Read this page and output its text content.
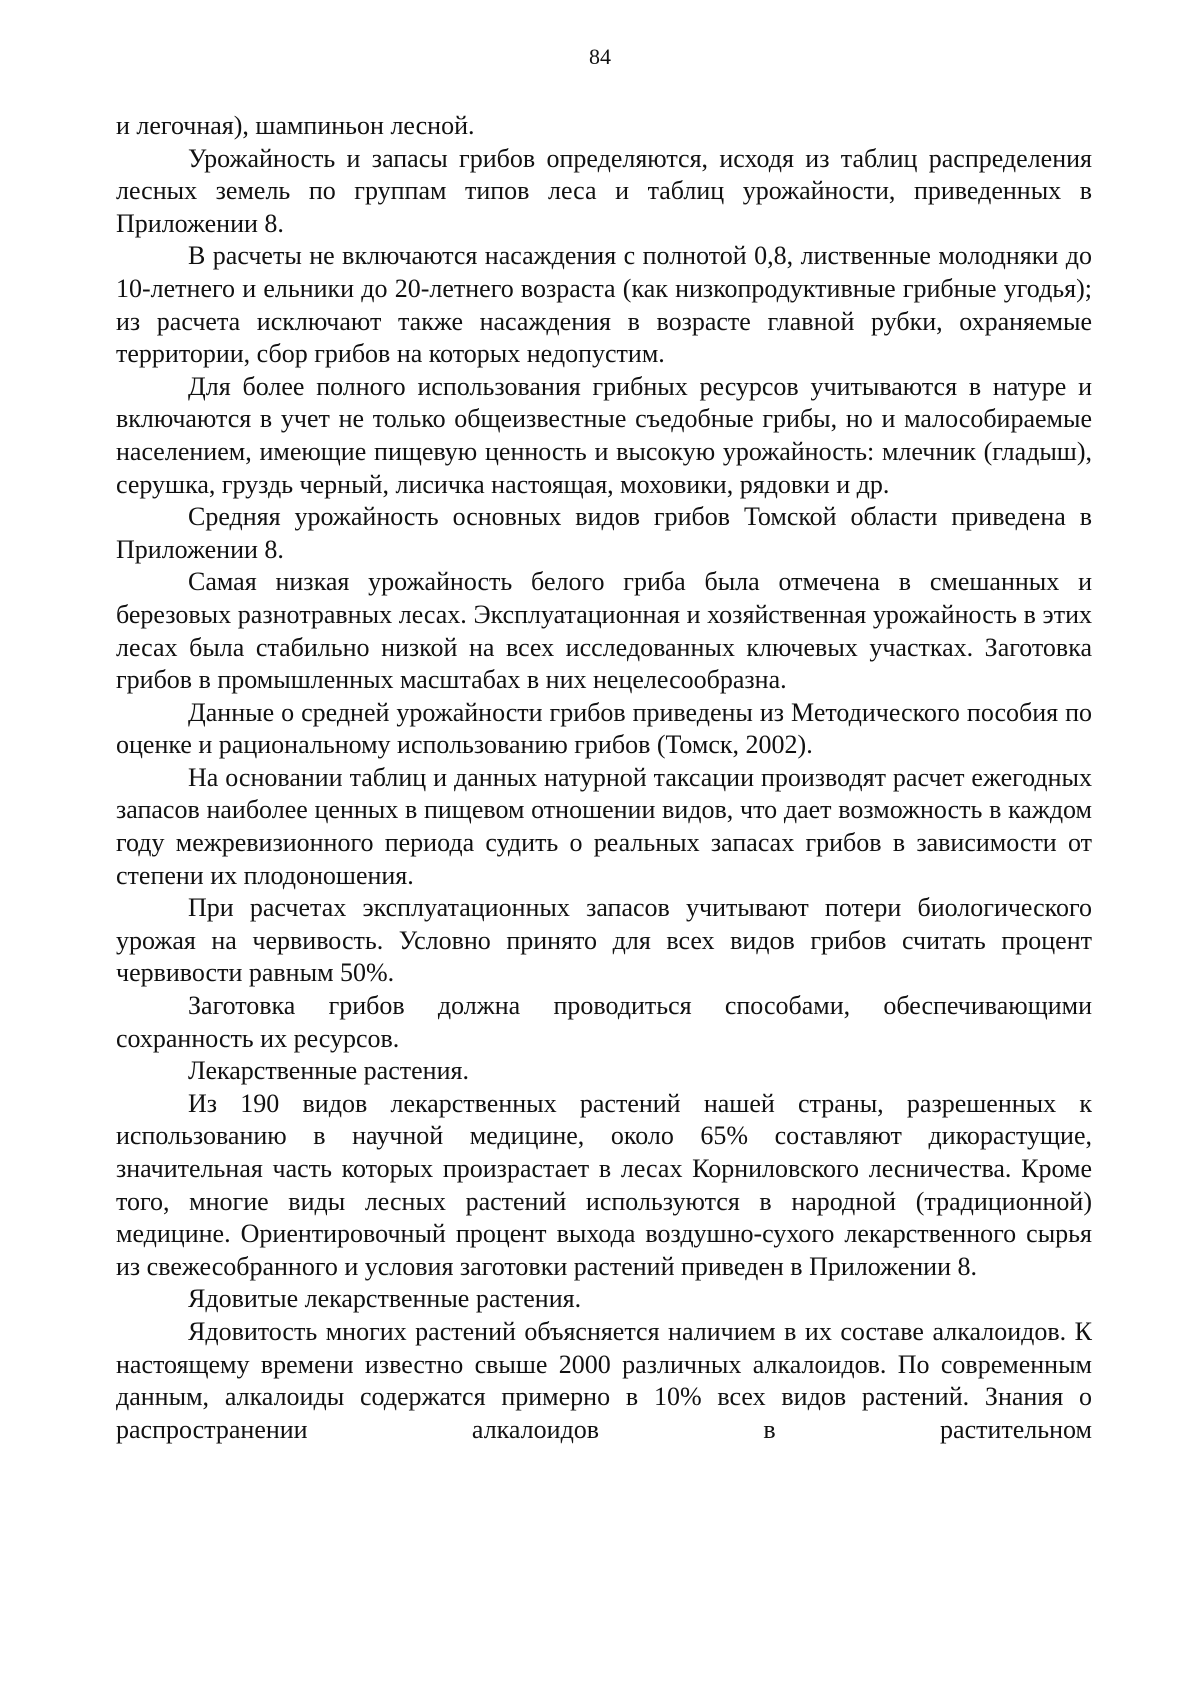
84

и легочная), шампиньон лесной.

Урожайность и запасы грибов определяются, исходя из таблиц распределения лесных земель по группам типов леса и таблиц урожайности, приведенных в Приложении 8.

В расчеты не включаются насаждения с полнотой 0,8, лиственные молодняки до 10-летнего и ельники до 20-летнего возраста (как низкопродуктивные грибные угодья); из расчета исключают также насаждения в возрасте главной рубки, охраняемые территории, сбор грибов на которых недопустим.

Для более полного использования грибных ресурсов учитываются в натуре и включаются в учет не только общеизвестные съедобные грибы, но и малособираемые населением, имеющие пищевую ценность и высокую урожайность: млечник (гладыш), серушка, груздь черный, лисичка настоящая, моховики, рядовки и др.

Средняя урожайность основных видов грибов Томской области приведена в Приложении 8.

Самая низкая урожайность белого гриба была отмечена в смешанных и березовых разнотравных лесах. Эксплуатационная и хозяйственная урожайность в этих лесах была стабильно низкой на всех исследованных ключевых участках. Заготовка грибов в промышленных масштабах в них нецелесообразна.

Данные о средней урожайности грибов приведены из Методического пособия по оценке и рациональному использованию грибов (Томск, 2002).

На основании таблиц и данных натурной таксации производят расчет ежегодных запасов наиболее ценных в пищевом отношении видов, что дает возможность в каждом году межревизионного периода судить о реальных запасах грибов в зависимости от степени их плодоношения.

При расчетах эксплуатационных запасов учитывают потери биологического урожая на червивость. Условно принято для всех видов грибов считать процент червивости равным 50%.

Заготовка грибов должна проводиться способами, обеспечивающими сохранность их ресурсов.

Лекарственные растения.

Из 190 видов лекарственных растений нашей страны, разрешенных к использованию в научной медицине, около 65% составляют дикорастущие, значительная часть которых произрастает в лесах Корниловского лесничества. Кроме того, многие виды лесных растений используются в народной (традиционной) медицине. Ориентировочный процент выхода воздушно-сухого лекарственного сырья из свежесобранного и условия заготовки растений приведен в Приложении 8.

Ядовитые лекарственные растения.

Ядовитость многих растений объясняется наличием в их составе алкалоидов. К настоящему времени известно свыше 2000 различных алкалоидов. По современным данным, алкалоиды содержатся примерно в 10% всех видов растений. Знания о распространении алкалоидов в растительном
